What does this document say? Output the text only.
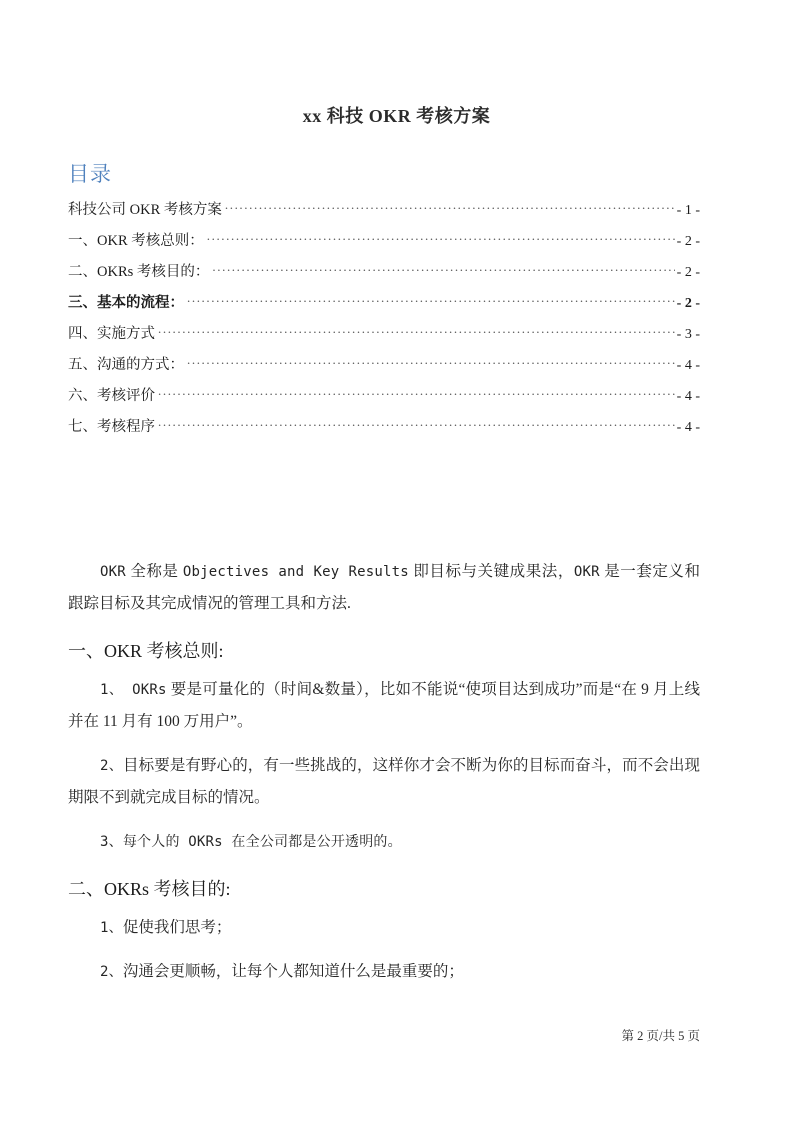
xx 科技 OKR 考核方案
目录
科技公司 OKR 考核方案 .....	- 1 -
一、OKR 考核总则： .....	- 2 -
二、OKRs 考核目的： .....	- 2 -
三、基本的流程： .....	- 2 -
四、实施方式 .....	- 3 -
五、沟通的方式： .....	- 4 -
六、考核评价 .....	- 4 -
七、考核程序 .....	- 4 -

OKR 全称是 Objectives and Key Results 即目标与关键成果法，OKR 是一套定义和跟踪目标及其完成情况的管理工具和方法.

一、OKR 考核总则:

1、 OKRs 要是可量化的（时间&数量），比如不能说“使项目达到成功”而是“在 9 月上线并在 11 月有 100 万用户”。

2、目标要是有野心的，有一些挑战的，这样你才会不断为你的目标而奋斗，而不会出现期限不到就完成目标的情况。

3、每个人的 OKRs 在全公司都是公开透明的。

二、OKRs 考核目的:

1、促使我们思考；

2、沟通会更顺畅，让每个人都知道什么是最重要的；

第 2 页/共 5 页
